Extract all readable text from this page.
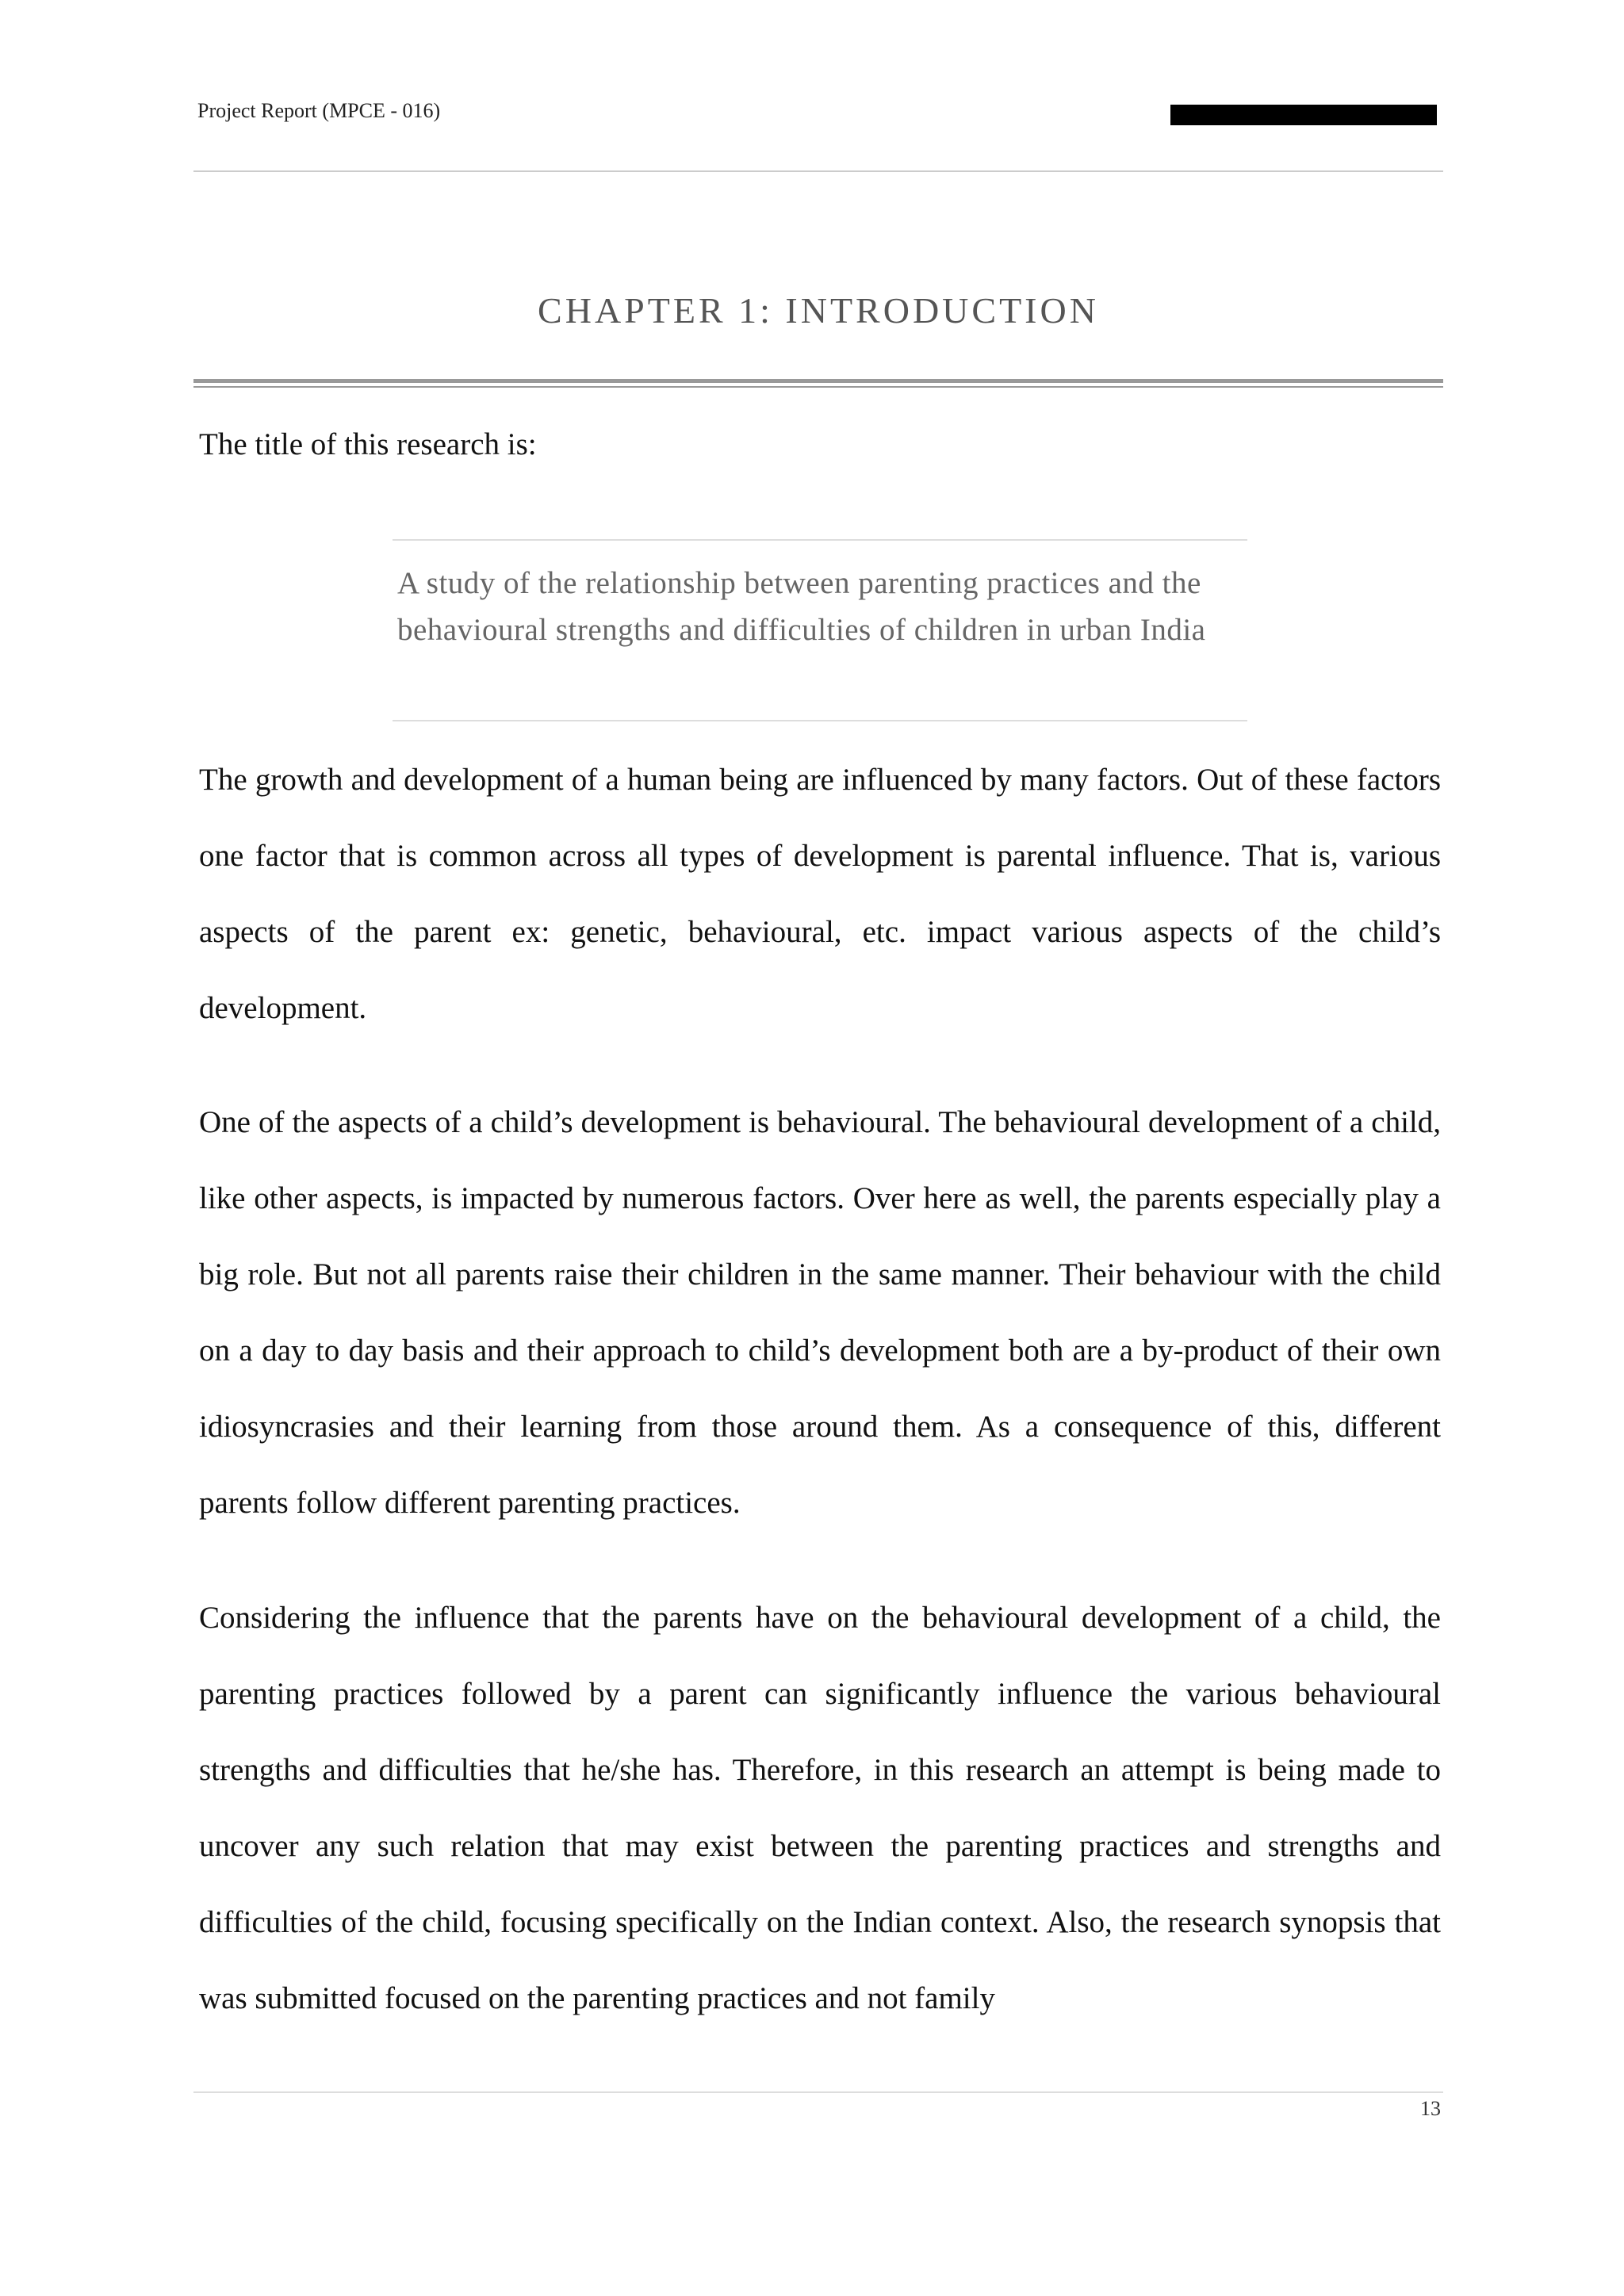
Project Report (MPCE - 016)
CHAPTER 1: INTRODUCTION
The title of this research is:
A study of the relationship between parenting practices and the behavioural strengths and difficulties of children in urban India

The growth and development of a human being are influenced by many factors. Out of these factors one factor that is common across all types of development is parental influence. That is, various aspects of the parent ex: genetic, behavioural, etc. impact various aspects of the child’s development.

One of the aspects of a child’s development is behavioural. The behavioural development of a child, like other aspects, is impacted by numerous factors. Over here as well, the parents especially play a big role. But not all parents raise their children in the same manner. Their behaviour with the child on a day to day basis and their approach to child’s development both are a by-product of their own idiosyncrasies and their learning from those around them. As a consequence of this, different parents follow different parenting practices.

Considering the influence that the parents have on the behavioural development of a child, the parenting practices followed by a parent can significantly influence the various behavioural strengths and difficulties that he/she has. Therefore, in this research an attempt is being made to uncover any such relation that may exist between the parenting practices and strengths and difficulties of the child, focusing specifically on the Indian context. Also, the research synopsis that was submitted focused on the parenting practices and not family

13
